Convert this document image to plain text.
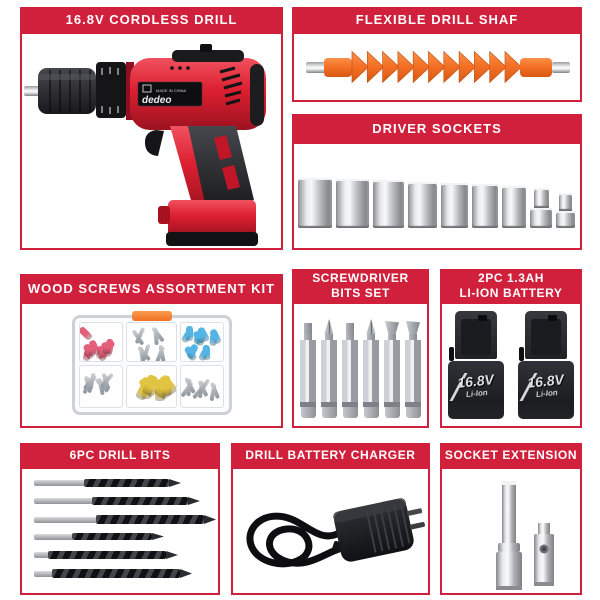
16.8V CORDLESS DRILL
MADE IN CHINA
dedeo
FLEXIBLE DRILL SHAF
DRIVER SOCKETS
WOOD SCREWS ASSORTMENT KIT
SCREWDRIVER
BITS SET
2PC 1.3AH
LI-ION BATTERY
16.8V
Li-Ion
16.8V
Li-Ion
6PC DRILL BITS	DRILL BATTERY CHARGER	SOCKET EXTENSION
